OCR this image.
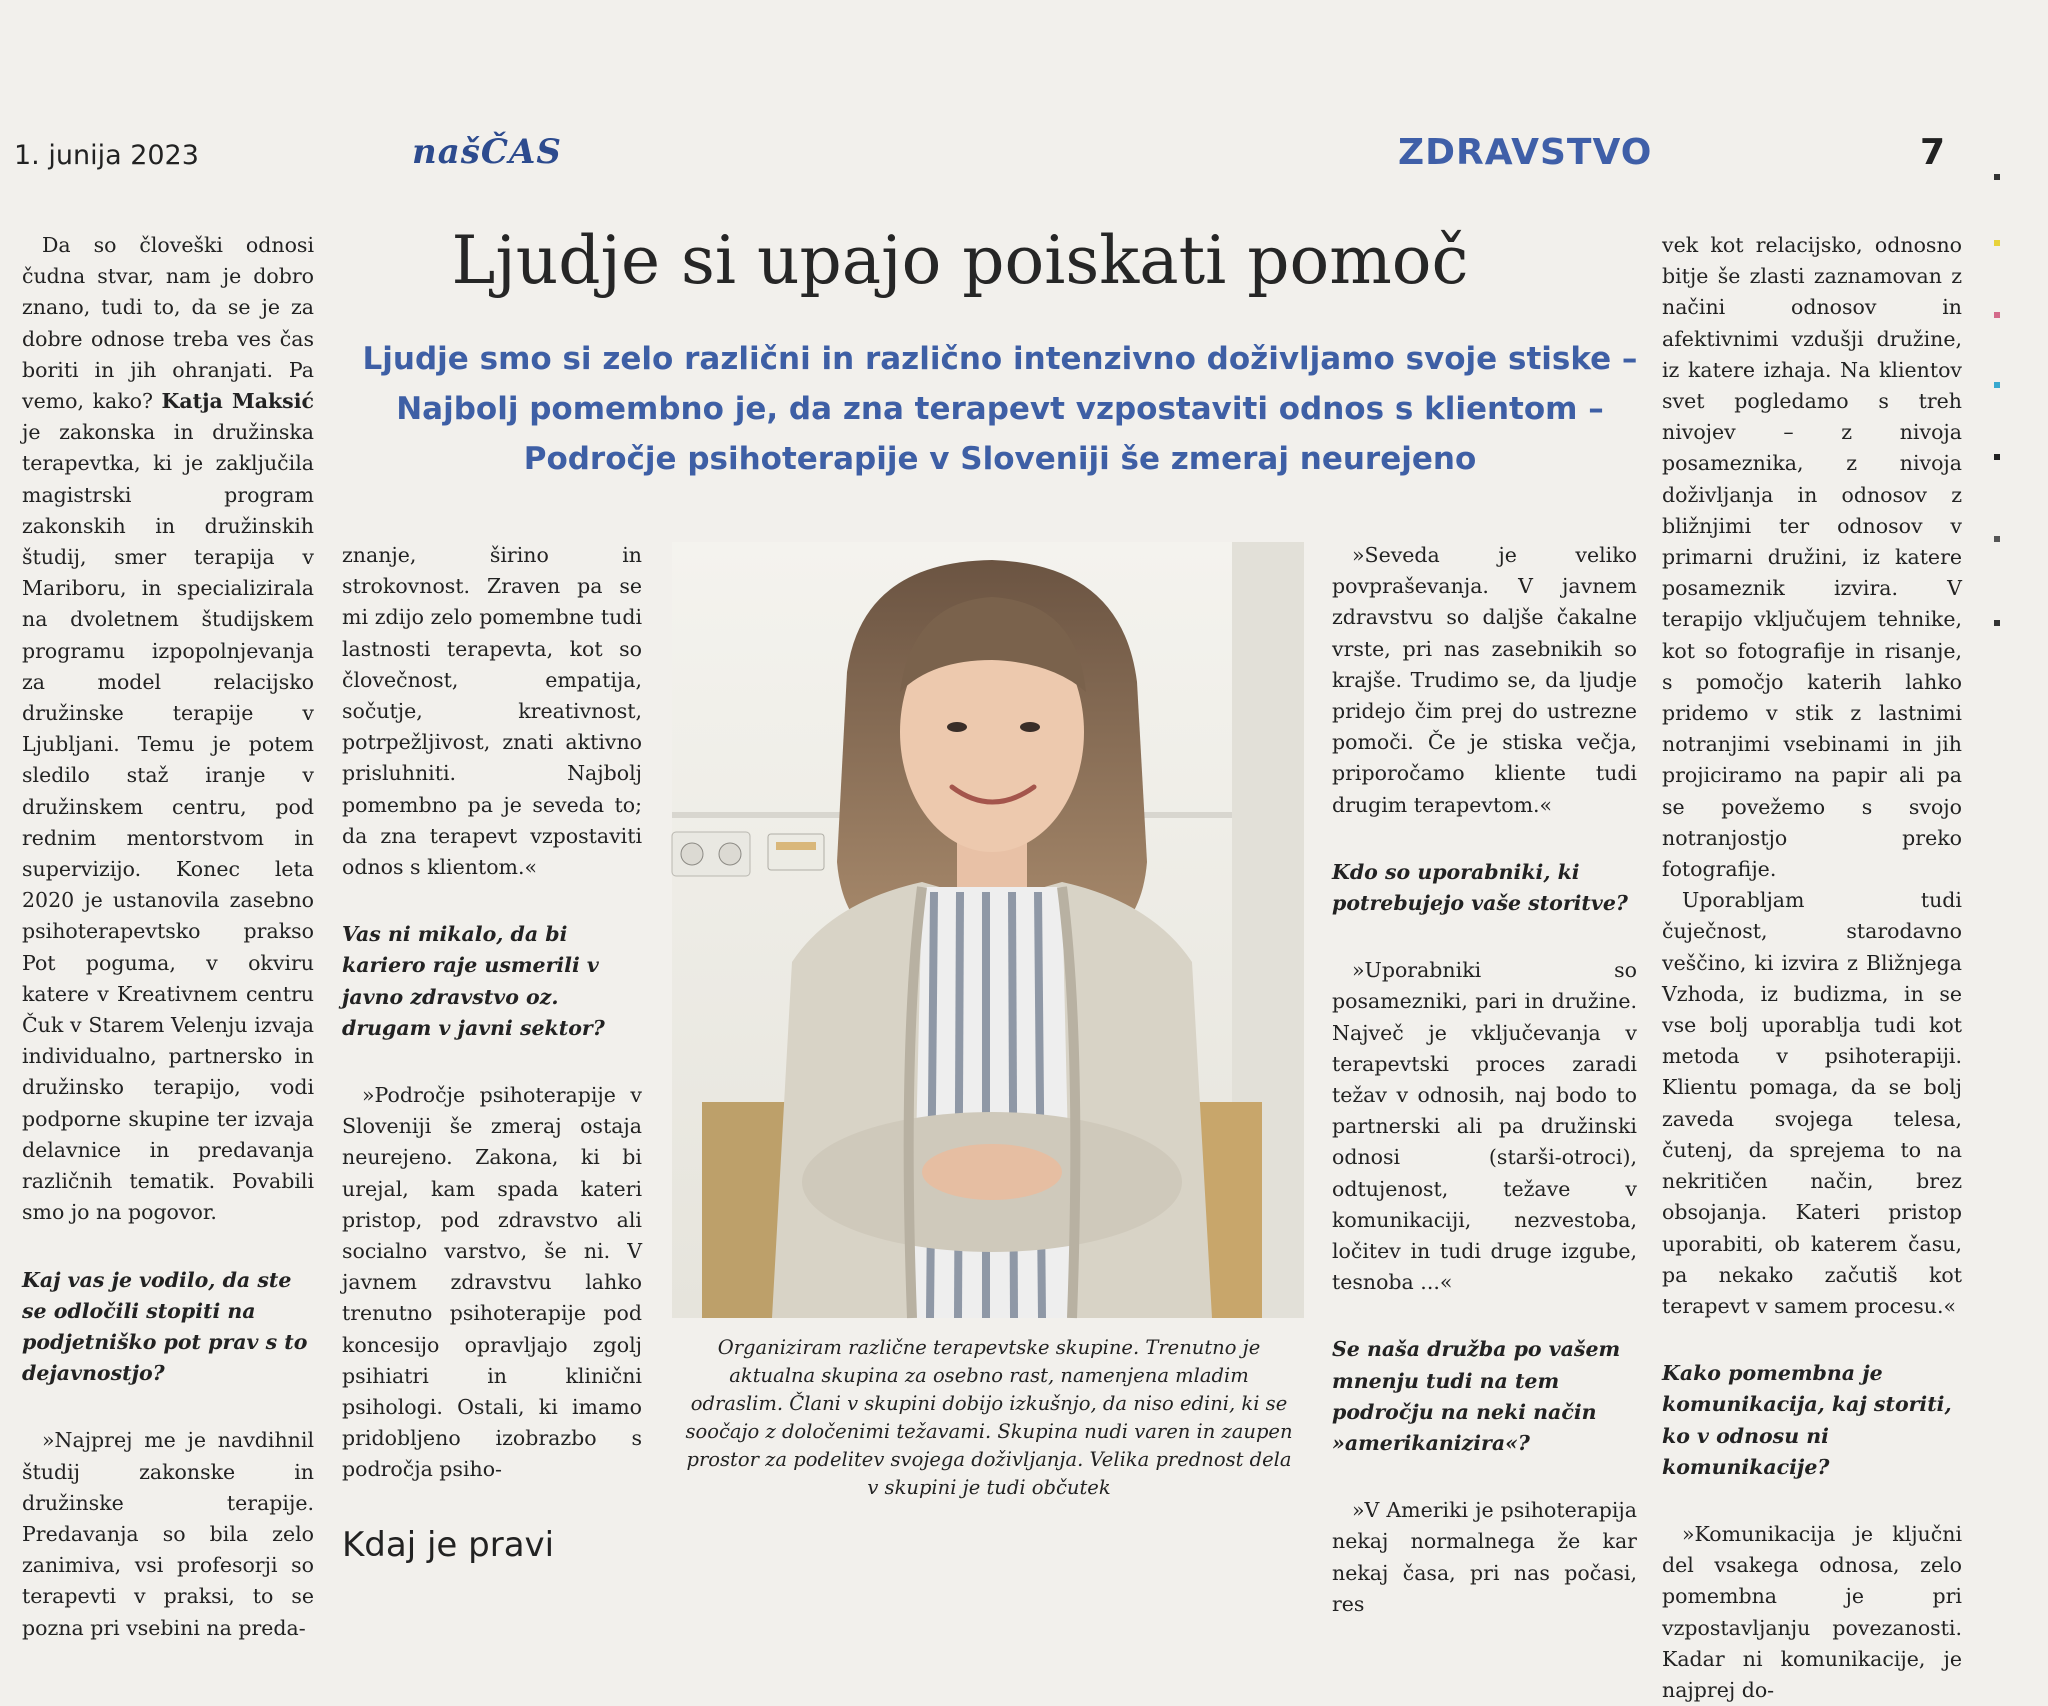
1. junija 2023	našČAS	ZDRAVSTVO	7
Ljudje si upajo poiskati pomoč
Ljudje smo si zelo različni in različno intenzivno doživljamo svoje stiske – Najbolj pomembno je, da zna terapevt vzpostaviti odnos s klientom – Področje psihoterapije v Sloveniji še zmeraj neurejeno

Da so človeški odnosi čudna stvar, nam je dobro znano, tudi to, da se je za dobre odnose treba ves čas boriti in jih ohranjati. Pa vemo, kako? Katja Maksić je zakonska in družinska terapevtka, ki je zaključila magistrski program zakonskih in družinskih študij, smer terapija v Mariboru, in specializirala na dvoletnem študijskem programu izpopolnjevanja za model relacijsko družinske terapije v Ljubljani. Temu je potem sledilo staž iranje v družinskem centru, pod rednim mentorstvom in supervizijo. Konec leta 2020 je ustanovila zasebno psihoterapevtsko prakso Pot poguma, v okviru katere v Kreativnem centru Čuk v Starem Velenju izvaja individualno, partnersko in družinsko terapijo, vodi podporne skupine ter izvaja delavnice in predavanja različnih tematik. Povabili smo jo na pogovor.

Kaj vas je vodilo, da ste se odločili stopiti na podjetniško pot prav s to dejavnostjo?

»Najprej me je navdihnil študij zakonske in družinske terapije. Predavanja so bila zelo zanimiva, vsi profesorji so terapevti v praksi, to se pozna pri vsebini na preda-

znanje, širino in strokovnost. Zraven pa se mi zdijo zelo pomembne tudi lastnosti terapevta, kot so človečnost, empatija, sočutje, kreativnost, potrpežljivost, znati aktivno prisluhniti. Najbolj pomembno pa je seveda to; da zna terapevt vzpostaviti odnos s klientom.«

Vas ni mikalo, da bi kariero raje usmerili v javno zdravstvo oz. drugam v javni sektor?

»Področje psihoterapije v Sloveniji še zmeraj ostaja neurejeno. Zakona, ki bi urejal, kam spada kateri pristop, pod zdravstvo ali socialno varstvo, še ni. V javnem zdravstvu lahko trenutno psihoterapije pod koncesijo opravljajo zgolj psihiatri in klinični psihologi. Ostali, ki imamo pridobljeno izobrazbo s področja psiho-

Kdaj je pravi
Organiziram različne terapevtske skupine. Trenutno je aktualna skupina za osebno rast, namenjena mladim odraslim. Člani v skupini dobijo izkušnjo, da niso edini, ki se soočajo z določenimi težavami. Skupina nudi varen in zaupen prostor za podelitev svojega doživljanja. Velika prednost dela v skupini je tudi občutek

»Seveda je veliko povpraševanja. V javnem zdravstvu so daljše čakalne vrste, pri nas zasebnikih so krajše. Trudimo se, da ljudje pridejo čim prej do ustrezne pomoči. Če je stiska večja, priporočamo kliente tudi drugim terapevtom.«

Kdo so uporabniki, ki potrebujejo vaše storitve?

»Uporabniki so posamezniki, pari in družine. Največ je vključevanja v terapevtski proces zaradi težav v odnosih, naj bodo to partnerski ali pa družinski odnosi (starši-otroci), odtujenost, težave v komunikaciji, nezvestoba, ločitev in tudi druge izgube, tesnoba ...«

Se naša družba po vašem mnenju tudi na tem področju na neki način »amerikanizira«?

»V Ameriki je psihoterapija nekaj normalnega že kar nekaj časa, pri nas počasi, res

vek kot relacijsko, odnosno bitje še zlasti zaznamovan z načini odnosov in afektivnimi vzdušji družine, iz katere izhaja. Na klientov svet pogledamo s treh nivojev – z nivoja posameznika, z nivoja doživljanja in odnosov z bližnjimi ter odnosov v primarni družini, iz katere posameznik izvira. V terapijo vključujem tehnike, kot so fotografije in risanje, s pomočjo katerih lahko pridemo v stik z lastnimi notranjimi vsebinami in jih projiciramo na papir ali pa se povežemo s svojo notranjostjo preko fotografije.

Uporabljam tudi čuječnost, starodavno veščino, ki izvira z Bližnjega Vzhoda, iz budizma, in se vse bolj uporablja tudi kot metoda v psihoterapiji. Klientu pomaga, da se bolj zaveda svojega telesa, čutenj, da sprejema to na nekritičen način, brez obsojanja. Kateri pristop uporabiti, ob katerem času, pa nekako začutiš kot terapevt v samem procesu.«

Kako pomembna je komunikacija, kaj storiti, ko v odnosu ni komunikacije?

»Komunikacija je ključni del vsakega odnosa, zelo pomembna je pri vzpostavljanju povezanosti. Kadar ni komunikacije, je najprej do-
